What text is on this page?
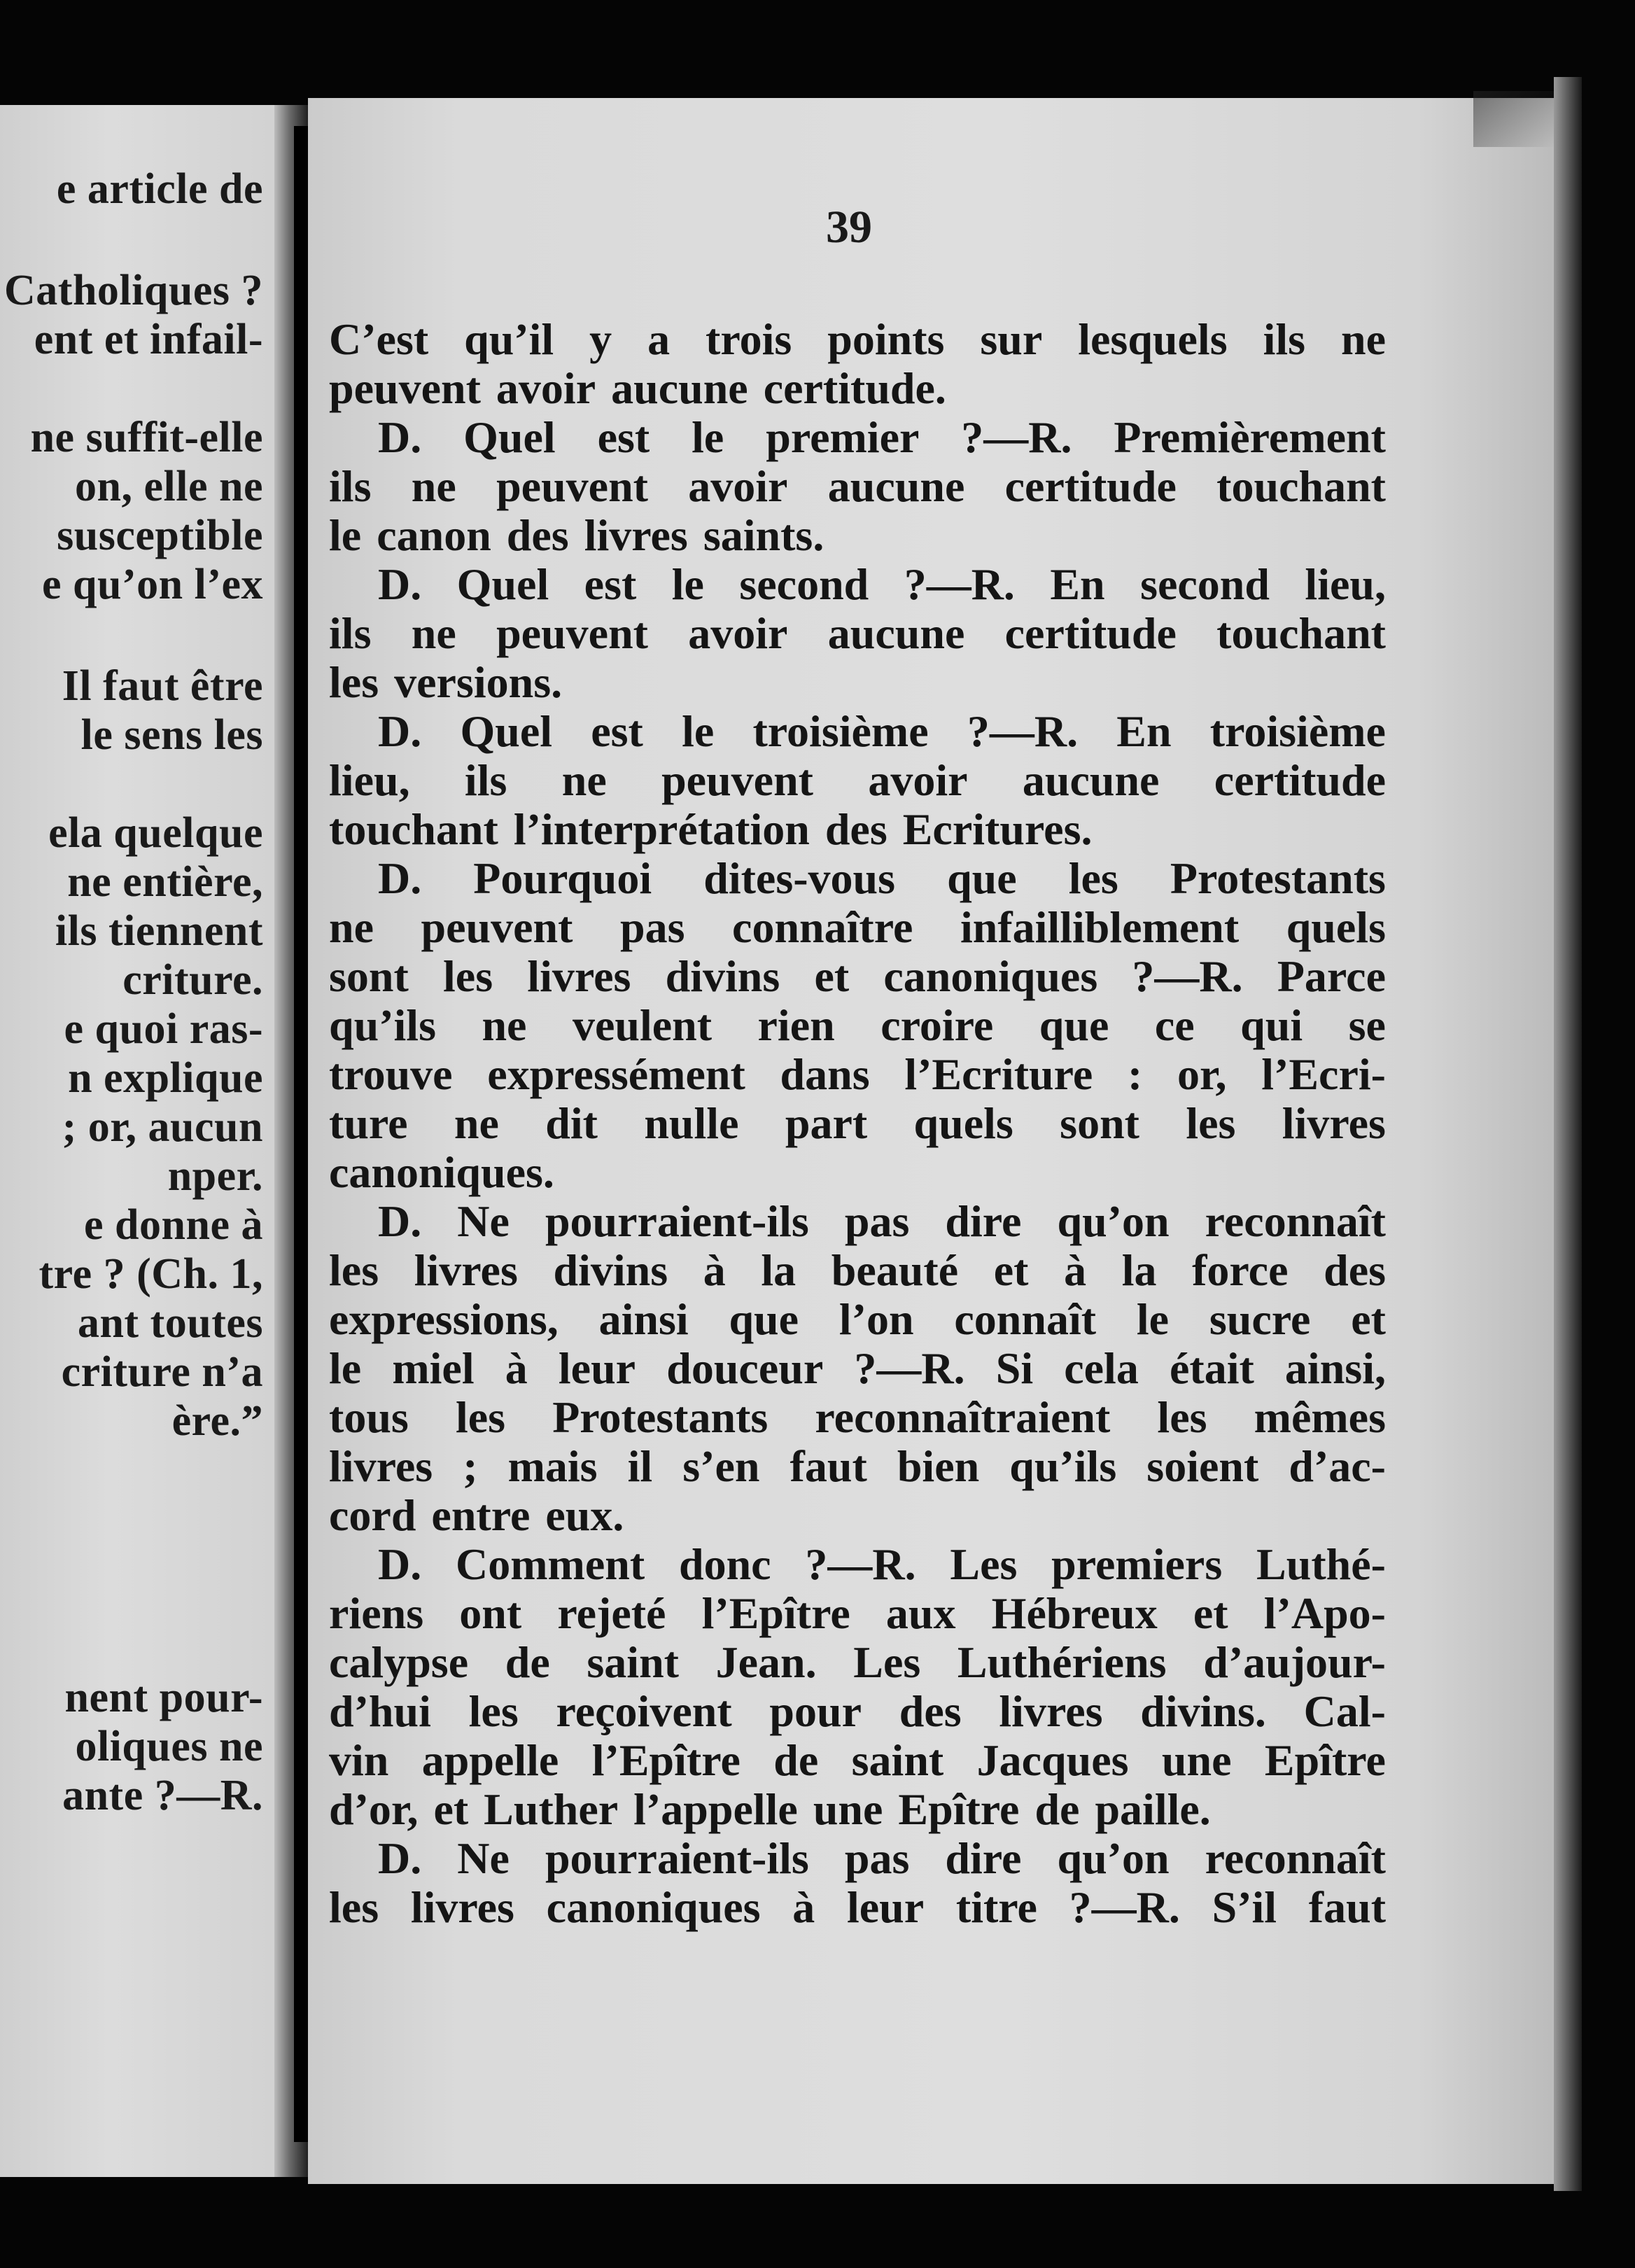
e article de
Catholiques ?
ent et infail-
ne suffit-elle
on, elle ne
susceptible
e qu’on l’ex
Il faut être
le sens les
ela quelque
ne entière,
ils tiennent
criture.
e quoi ras-
n explique
; or, aucun
nper.
e donne à
tre ? (Ch. 1,
ant toutes
criture n’a
ère.”
nent pour-
oliques ne
ante ?—R.
39
C’est qu’il y a trois points sur lesquels ils ne
peuvent avoir aucune certitude.
D. Quel est le premier ?—R. Premièrement
ils ne peuvent avoir aucune certitude touchant
le canon des livres saints.
D. Quel est le second ?—R. En second lieu,
ils ne peuvent avoir aucune certitude touchant
les versions.
D. Quel est le troisième ?—R. En troisième
lieu, ils ne peuvent avoir aucune certitude
touchant l’interprétation des Ecritures.
D. Pourquoi dites-vous que les Protestants
ne peuvent pas connaître infailliblement quels
sont les livres divins et canoniques ?—R. Parce
qu’ils ne veulent rien croire que ce qui se
trouve expressément dans l’Ecriture : or, l’Ecri-
ture ne dit nulle part quels sont les livres
canoniques.
D. Ne pourraient-ils pas dire qu’on reconnaît
les livres divins à la beauté et à la force des
expressions, ainsi que l’on connaît le sucre et
le miel à leur douceur ?—R. Si cela était ainsi,
tous les Protestants reconnaîtraient les mêmes
livres ; mais il s’en faut bien qu’ils soient d’ac-
cord entre eux.
D. Comment donc ?—R. Les premiers Luthé-
riens ont rejeté l’Epître aux Hébreux et l’Apo-
calypse de saint Jean. Les Luthériens d’aujour-
d’hui les reçoivent pour des livres divins. Cal-
vin appelle l’Epître de saint Jacques une Epître
d’or, et Luther l’appelle une Epître de paille.
D. Ne pourraient-ils pas dire qu’on reconnaît
les livres canoniques à leur titre ?—R. S’il faut
